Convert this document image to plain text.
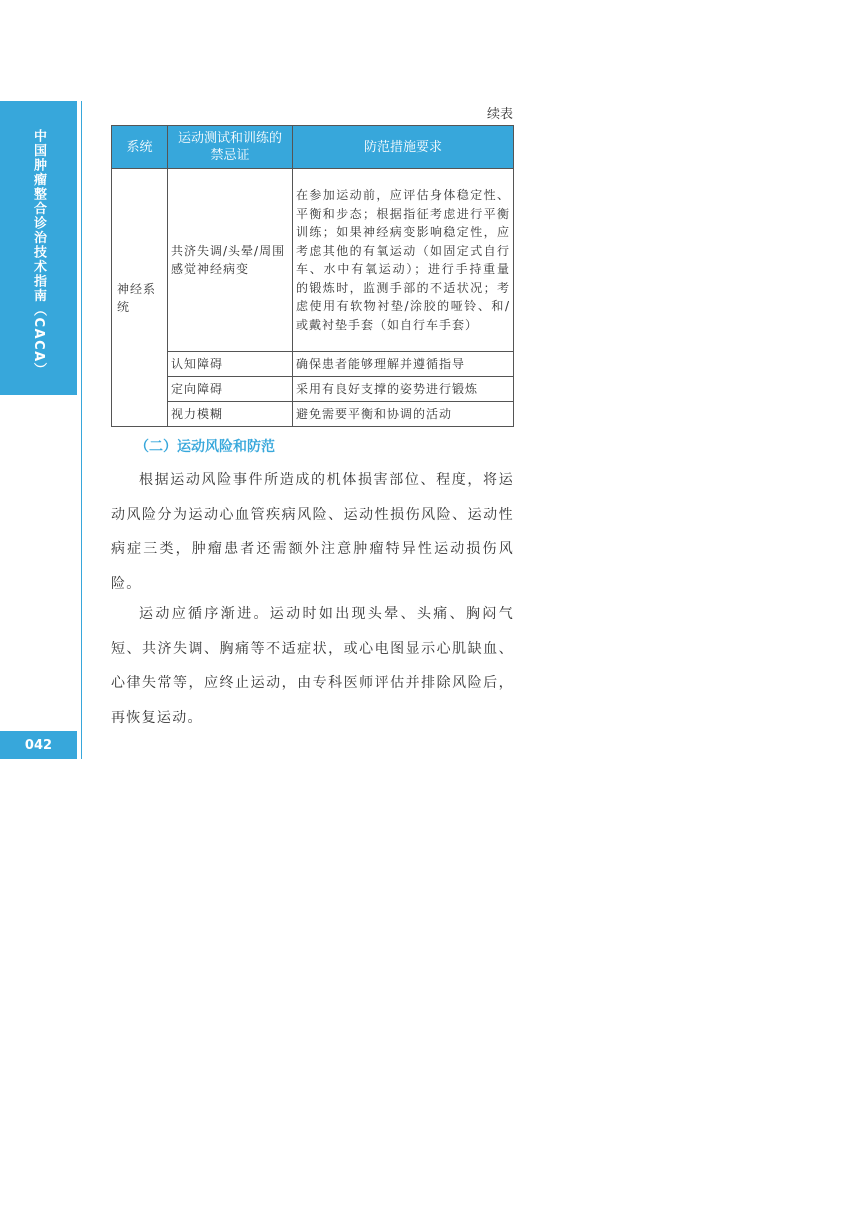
中国肿瘤整合诊治技术指南（CACA）
042
续表
系统	运动测试和训练的禁忌证	防范措施要求
神经系统	共济失调/头晕/周围感觉神经病变	在参加运动前，应评估身体稳定性、平衡和步态；根据指征考虑进行平衡训练；如果神经病变影响稳定性，应考虑其他的有氧运动（如固定式自行车、水中有氧运动）；进行手持重量的锻炼时，监测手部的不适状况；考虑使用有软物衬垫/涂胶的哑铃、和/或戴衬垫手套（如自行车手套）
	认知障碍	确保患者能够理解并遵循指导
	定向障碍	采用有良好支撑的姿势进行锻炼
	视力模糊	避免需要平衡和协调的活动
（二）运动风险和防范

根据运动风险事件所造成的机体损害部位、程度，将运动风险分为运动心血管疾病风险、运动性损伤风险、运动性病症三类，肿瘤患者还需额外注意肿瘤特异性运动损伤风险。

运动应循序渐进。运动时如出现头晕、头痛、胸闷气短、共济失调、胸痛等不适症状，或心电图显示心肌缺血、心律失常等，应终止运动，由专科医师评估并排除风险后，再恢复运动。
